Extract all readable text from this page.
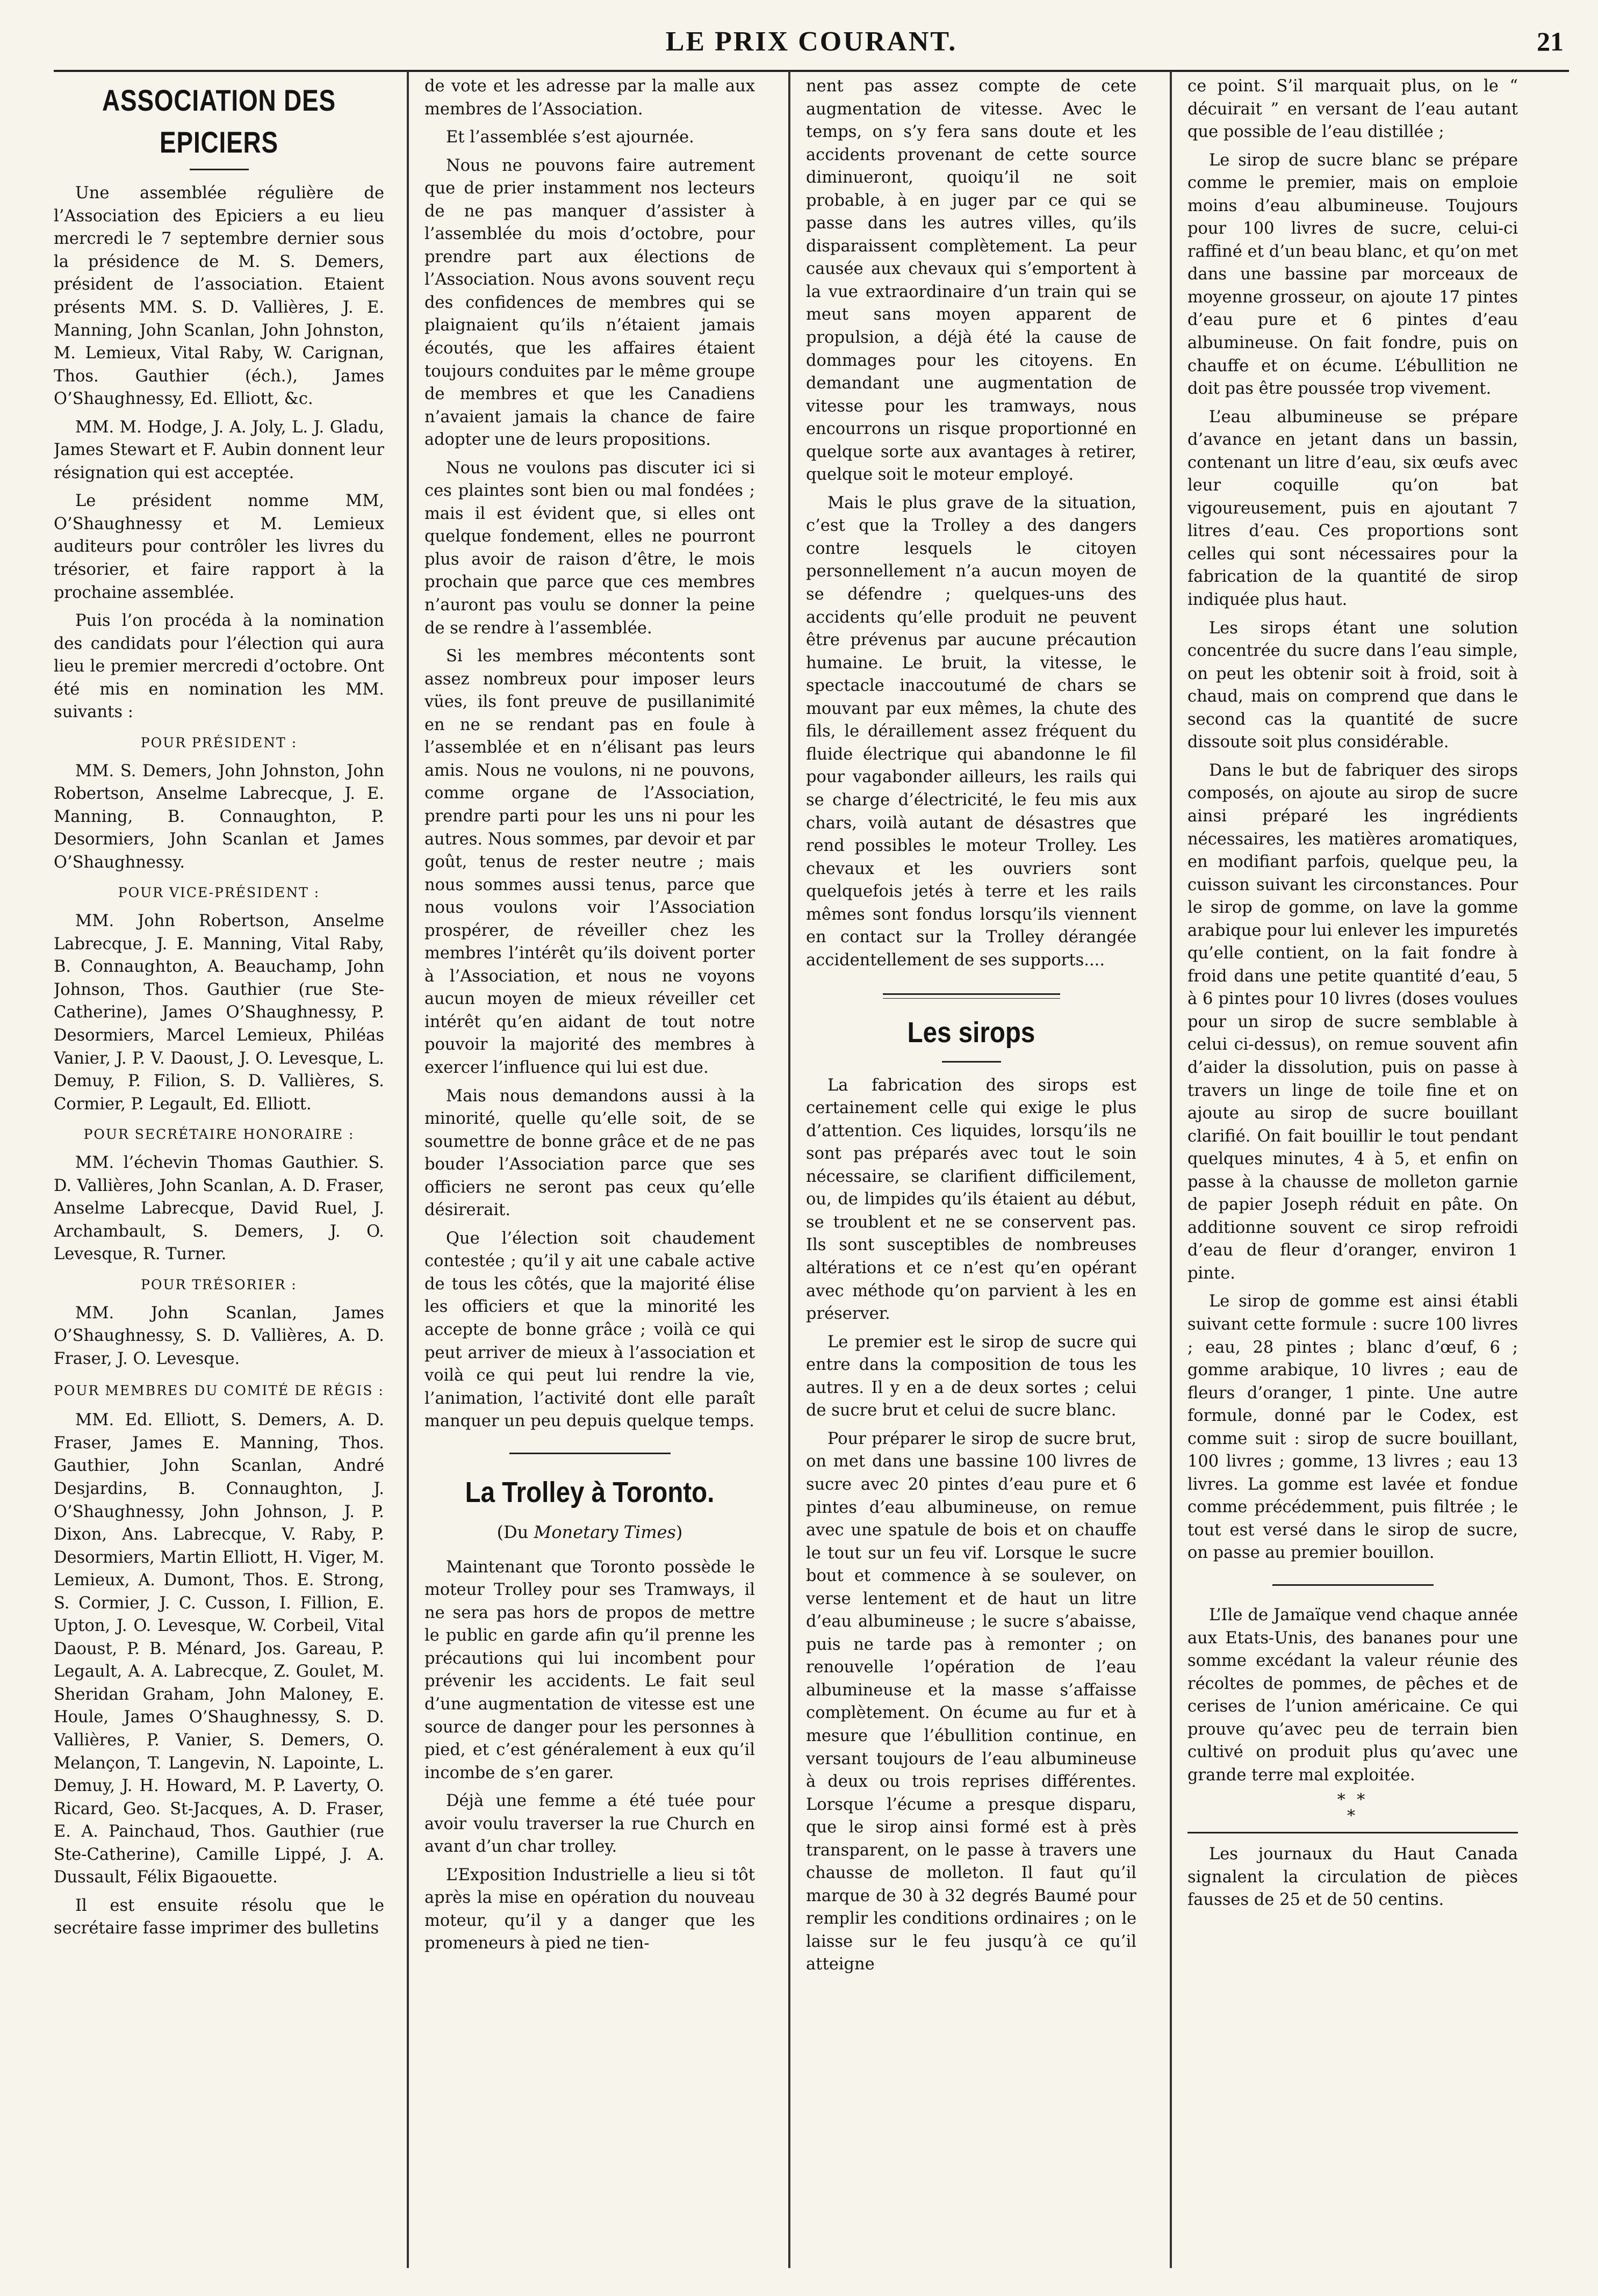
LE PRIX COURANT.	21
ASSOCIATION DES EPICIERS

Une assemblée régulière de l’Association des Epiciers a eu lieu mercredi le 7 septembre dernier sous la présidence de M. S. Demers, président de l’association. Etaient présents MM. S. D. Vallières, J. E. Manning, John Scanlan, John Johnston, M. Lemieux, Vital Raby, W. Carignan, Thos. Gauthier (éch.), James O’Shaughnessy, Ed. Elliott, &c.

MM. M. Hodge, J. A. Joly, L. J. Gladu, James Stewart et F. Aubin donnent leur résignation qui est acceptée.

Le président nomme MM, O’Shaughnessy et M. Lemieux auditeurs pour contrôler les livres du trésorier, et faire rapport à la prochaine assemblée.

Puis l’on procéda à la nomination des candidats pour l’élection qui aura lieu le premier mercredi d’octobre. Ont été mis en nomination les MM. suivants :

POUR PRÉSIDENT :

MM. S. Demers, John Johnston, John Robertson, Anselme Labrecque, J. E. Manning, B. Connaughton, P. Desormiers, John Scanlan et James O’Shaughnessy.

POUR VICE-PRÉSIDENT :

MM. John Robertson, Anselme Labrecque, J. E. Manning, Vital Raby, B. Connaughton, A. Beauchamp, John Johnson, Thos. Gauthier (rue Ste-Catherine), James O’Shaughnessy, P. Desormiers, Marcel Lemieux, Philéas Vanier, J. P. V. Daoust, J. O. Levesque, L. Demuy, P. Filion, S. D. Vallières, S. Cormier, P. Legault, Ed. Elliott.

POUR SECRÉTAIRE HONORAIRE :

MM. l’échevin Thomas Gauthier. S. D. Vallières, John Scanlan, A. D. Fraser, Anselme Labrecque, David Ruel, J. Archambault, S. Demers, J. O. Levesque, R. Turner.

POUR TRÉSORIER :

MM. John Scanlan, James O’Shaughnessy, S. D. Vallières, A. D. Fraser, J. O. Levesque.

POUR MEMBRES DU COMITÉ DE RÉGIS :

MM. Ed. Elliott, S. Demers, A. D. Fraser, James E. Manning, Thos. Gauthier, John Scanlan, André Desjardins, B. Connaughton, J. O’Shaughnessy, John Johnson, J. P. Dixon, Ans. Labrecque, V. Raby, P. Desormiers, Martin Elliott, H. Viger, M. Lemieux, A. Dumont, Thos. E. Strong, S. Cormier, J. C. Cusson, I. Fillion, E. Upton, J. O. Levesque, W. Corbeil, Vital Daoust, P. B. Ménard, Jos. Gareau, P. Legault, A. A. Labrecque, Z. Goulet, M. Sheridan Graham, John Maloney, E. Houle, James O’Shaughnessy, S. D. Vallières, P. Vanier, S. Demers, O. Melançon, T. Langevin, N. Lapointe, L. Demuy, J. H. Howard, M. P. Laverty, O. Ricard, Geo. St-Jacques, A. D. Fraser, E. A. Painchaud, Thos. Gauthier (rue Ste-Catherine), Camille Lippé, J. A. Dussault, Félix Bigaouette.

Il est ensuite résolu que le secrétaire fasse imprimer des bulletins

de vote et les adresse par la malle aux membres de l’Association.

Et l’assemblée s’est ajournée.

Nous ne pouvons faire autrement que de prier instamment nos lecteurs de ne pas manquer d’assister à l’assemblée du mois d’octobre, pour prendre part aux élections de l’Association. Nous avons souvent reçu des confidences de membres qui se plaignaient qu’ils n’étaient jamais écoutés, que les affaires étaient toujours conduites par le même groupe de membres et que les Canadiens n’avaient jamais la chance de faire adopter une de leurs propositions.

Nous ne voulons pas discuter ici si ces plaintes sont bien ou mal fondées ; mais il est évident que, si elles ont quelque fondement, elles ne pourront plus avoir de raison d’être, le mois prochain que parce que ces membres n’auront pas voulu se donner la peine de se rendre à l’assemblée.

Si les membres mécontents sont assez nombreux pour imposer leurs vües, ils font preuve de pusillanimité en ne se rendant pas en foule à l’assemblée et en n’élisant pas leurs amis. Nous ne voulons, ni ne pouvons, comme organe de l’Association, prendre parti pour les uns ni pour les autres. Nous sommes, par devoir et par goût, tenus de rester neutre ; mais nous sommes aussi tenus, parce que nous voulons voir l’Association prospérer, de réveiller chez les membres l’intérêt qu’ils doivent porter à l’Association, et nous ne voyons aucun moyen de mieux réveiller cet intérêt qu’en aidant de tout notre pouvoir la majorité des membres à exercer l’influence qui lui est due.

Mais nous demandons aussi à la minorité, quelle qu’elle soit, de se soumettre de bonne grâce et de ne pas bouder l’Association parce que ses officiers ne seront pas ceux qu’elle désirerait.

Que l’élection soit chaudement contestée ; qu’il y ait une cabale active de tous les côtés, que la majorité élise les officiers et que la minorité les accepte de bonne grâce ; voilà ce qui peut arriver de mieux à l’association et voilà ce qui peut lui rendre la vie, l’animation, l’activité dont elle paraît manquer un peu depuis quelque temps.

La Trolley à Toronto.

(Du Monetary Times)

Maintenant que Toronto possède le moteur Trolley pour ses Tramways, il ne sera pas hors de propos de mettre le public en garde afin qu’il prenne les précautions qui lui incombent pour prévenir les accidents. Le fait seul d’une augmentation de vitesse est une source de danger pour les personnes à pied, et c’est généralement à eux qu’il incombe de s’en garer.

Déjà une femme a été tuée pour avoir voulu traverser la rue Church en avant d’un char trolley.

L’Exposition Industrielle a lieu si tôt après la mise en opération du nouveau moteur, qu’il y a danger que les promeneurs à pied ne tien-

nent pas assez compte de cete augmentation de vitesse. Avec le temps, on s’y fera sans doute et les accidents provenant de cette source diminueront, quoiqu’il ne soit probable, à en juger par ce qui se passe dans les autres villes, qu’ils disparaissent complètement. La peur causée aux chevaux qui s’emportent à la vue extraordinaire d’un train qui se meut sans moyen apparent de propulsion, a déjà été la cause de dommages pour les citoyens. En demandant une augmentation de vitesse pour les tramways, nous encourrons un risque proportionné en quelque sorte aux avantages à retirer, quelque soit le moteur employé.

Mais le plus grave de la situation, c’est que la Trolley a des dangers contre lesquels le citoyen personnellement n’a aucun moyen de se défendre ; quelques-uns des accidents qu’elle produit ne peuvent être prévenus par aucune précaution humaine. Le bruit, la vitesse, le spectacle inaccoutumé de chars se mouvant par eux mêmes, la chute des fils, le déraillement assez fréquent du fluide électrique qui abandonne le fil pour vagabonder ailleurs, les rails qui se charge d’électricité, le feu mis aux chars, voilà autant de désastres que rend possibles le moteur Trolley. Les chevaux et les ouvriers sont quelquefois jetés à terre et les rails mêmes sont fondus lorsqu’ils viennent en contact sur la Trolley dérangée accidentellement de ses supports....

Les sirops

La fabrication des sirops est certainement celle qui exige le plus d’attention. Ces liquides, lorsqu’ils ne sont pas préparés avec tout le soin nécessaire, se clarifient difficilement, ou, de limpides qu’ils étaient au début, se troublent et ne se conservent pas. Ils sont susceptibles de nombreuses altérations et ce n’est qu’en opérant avec méthode qu’on parvient à les en préserver.

Le premier est le sirop de sucre qui entre dans la composition de tous les autres. Il y en a de deux sortes ; celui de sucre brut et celui de sucre blanc.

Pour préparer le sirop de sucre brut, on met dans une bassine 100 livres de sucre avec 20 pintes d’eau pure et 6 pintes d’eau albumineuse, on remue avec une spatule de bois et on chauffe le tout sur un feu vif. Lorsque le sucre bout et commence à se soulever, on verse lentement et de haut un litre d’eau albumineuse ; le sucre s’abaisse, puis ne tarde pas à remonter ; on renouvelle l’opération de l’eau albumineuse et la masse s’affaisse complètement. On écume au fur et à mesure que l’ébullition continue, en versant toujours de l’eau albumineuse à deux ou trois reprises différentes. Lorsque l’écume a presque disparu, que le sirop ainsi formé est à près transparent, on le passe à travers une chausse de molleton. Il faut qu’il marque de 30 à 32 degrés Baumé pour remplir les conditions ordinaires ; on le laisse sur le feu jusqu’à ce qu’il atteigne

ce point. S’il marquait plus, on le “ décuirait ” en versant de l’eau autant que possible de l’eau distillée ;

Le sirop de sucre blanc se prépare comme le premier, mais on emploie moins d’eau albumineuse. Toujours pour 100 livres de sucre, celui-ci raffiné et d’un beau blanc, et qu’on met dans une bassine par morceaux de moyenne grosseur, on ajoute 17 pintes d’eau pure et 6 pintes d’eau albumineuse. On fait fondre, puis on chauffe et on écume. L’ébullition ne doit pas être poussée trop vivement.

L’eau albumineuse se prépare d’avance en jetant dans un bassin, contenant un litre d’eau, six œufs avec leur coquille qu’on bat vigoureusement, puis en ajoutant 7 litres d’eau. Ces proportions sont celles qui sont nécessaires pour la fabrication de la quantité de sirop indiquée plus haut.

Les sirops étant une solution concentrée du sucre dans l’eau simple, on peut les obtenir soit à froid, soit à chaud, mais on comprend que dans le second cas la quantité de sucre dissoute soit plus considérable.

Dans le but de fabriquer des sirops composés, on ajoute au sirop de sucre ainsi préparé les ingrédients nécessaires, les matières aromatiques, en modifiant parfois, quelque peu, la cuisson suivant les circonstances. Pour le sirop de gomme, on lave la gomme arabique pour lui enlever les impuretés qu’elle contient, on la fait fondre à froid dans une petite quantité d’eau, 5 à 6 pintes pour 10 livres (doses voulues pour un sirop de sucre semblable à celui ci-dessus), on remue souvent afin d’aider la dissolution, puis on passe à travers un linge de toile fine et on ajoute au sirop de sucre bouillant clarifié. On fait bouillir le tout pendant quelques minutes, 4 à 5, et enfin on passe à la chausse de molleton garnie de papier Joseph réduit en pâte. On additionne souvent ce sirop refroidi d’eau de fleur d’oranger, environ 1 pinte.

Le sirop de gomme est ainsi établi suivant cette formule : sucre 100 livres ; eau, 28 pintes ; blanc d’œuf, 6 ; gomme arabique, 10 livres ; eau de fleurs d’oranger, 1 pinte. Une autre formule, donné par le Codex, est comme suit : sirop de sucre bouillant, 100 livres ; gomme, 13 livres ; eau 13 livres. La gomme est lavée et fondue comme précédemment, puis filtrée ; le tout est versé dans le sirop de sucre, on passe au premier bouillon.

L’Ile de Jamaïque vend chaque année aux Etats-Unis, des bananes pour une somme excédant la valeur réunie des récoltes de pommes, de pêches et de cerises de l’union américaine. Ce qui prouve qu’avec peu de terrain bien cultivé on produit plus qu’avec une grande terre mal exploitée.

* *
*

Les journaux du Haut Canada signalent la circulation de pièces fausses de 25 et de 50 centins.
